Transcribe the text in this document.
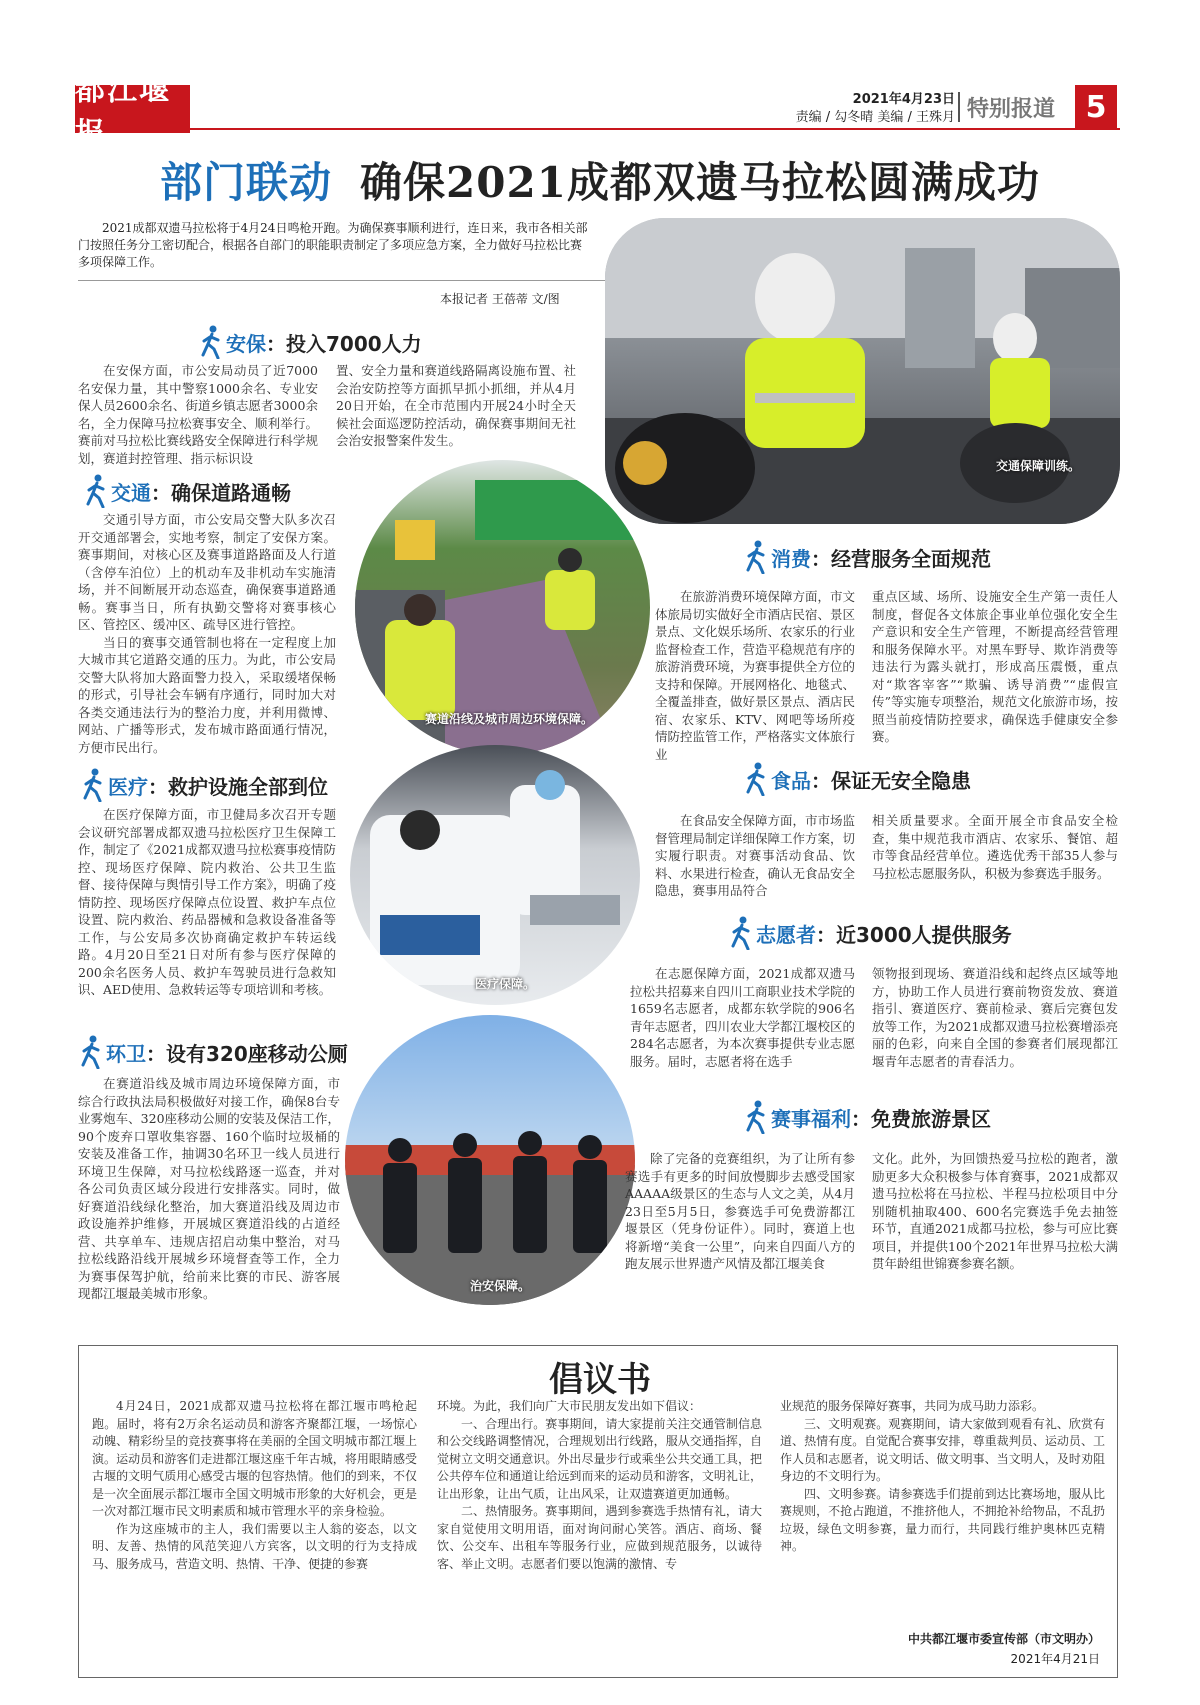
都江堰报
2021年4月23日
责编 / 勾冬晴 美编 / 王殊月 特别报道	5
部门联动 确保2021成都双遗马拉松圆满成功
2021成都双遗马拉松将于4月24日鸣枪开跑。为确保赛事顺利进行，连日来，我市各相关部门按照任务分工密切配合，根据各自部门的职能职责制定了多项应急方案，全力做好马拉松比赛多项保障工作。
本报记者 王蓓蒂 文/图
交通保障训练。
安保 ：投入7000人力

在安保方面，市公安局动员了近7000名安保力量，其中警察1000余名、专业安保人员2600余名、街道乡镇志愿者3000余名，全力保障马拉松赛事安全、顺利举行。赛前对马拉松比赛线路安全保障进行科学规划，赛道封控管理、指示标识设

置、安全力量和赛道线路隔离设施布置、社会治安防控等方面抓早抓小抓细，并从4月20日开始，在全市范围内开展24小时全天候社会面巡逻防控活动，确保赛事期间无社会治安报警案件发生。

交通 ：确保道路通畅

交通引导方面，市公安局交警大队多次召开交通部署会，实地考察，制定了安保方案。赛事期间，对核心区及赛事道路路面及人行道（含停车泊位）上的机动车及非机动车实施清场，并不间断展开动态巡查，确保赛事道路通畅。赛事当日，所有执勤交警将对赛事核心区、管控区、缓冲区、疏导区进行管控。

当日的赛事交通管制也将在一定程度上加大城市其它道路交通的压力。为此，市公安局交警大队将加大路面警力投入，采取缓堵保畅的形式，引导社会车辆有序通行，同时加大对各类交通违法行为的整治力度，并利用微博、网站、广播等形式，发布城市路面通行情况，方便市民出行。

赛道沿线及城市周边环境保障。
消费 ：经营服务全面规范

在旅游消费环境保障方面，市文体旅局切实做好全市酒店民宿、景区景点、文化娱乐场所、农家乐的行业监督检查工作，营造平稳规范有序的旅游消费环境，为赛事提供全方位的支持和保障。开展网格化、地毯式、全覆盖排查，做好景区景点、酒店民宿、农家乐、KTV、网吧等场所疫情防控监管工作，严格落实文体旅行业

重点区域、场所、设施安全生产第一责任人制度，督促各文体旅企事业单位强化安全生产意识和安全生产管理，不断提高经营管理和服务保障水平。对黑车野导、欺诈消费等违法行为露头就打，形成高压震慑，重点对“欺客宰客”“欺骗、诱导消费”“虚假宣传”等实施专项整治，规范文化旅游市场，按照当前疫情防控要求，确保选手健康安全参赛。

医疗 ：救护设施全部到位

在医疗保障方面，市卫健局多次召开专题会议研究部署成都双遗马拉松医疗卫生保障工作，制定了《2021成都双遗马拉松赛事疫情防控、现场医疗保障、院内救治、公共卫生监督、接待保障与舆情引导工作方案》，明确了疫情防控、现场医疗保障点位设置、救护车点位设置、院内救治、药品器械和急救设备准备等工作，与公安局多次协商确定救护车转运线路。4月20日至21日对所有参与医疗保障的200余名医务人员、救护车驾驶员进行急救知识、AED使用、急救转运等专项培训和考核。	医疗保障。
食品 ：保证无安全隐患

在食品安全保障方面，市市场监督管理局制定详细保障工作方案，切实履行职责。对赛事活动食品、饮料、水果进行检查，确认无食品安全隐患，赛事用品符合

相关质量要求。全面开展全市食品安全检查，集中规范我市酒店、农家乐、餐馆、超市等食品经营单位。遴选优秀干部35人参与马拉松志愿服务队，积极为参赛选手服务。

志愿者 ：近3000人提供服务

在志愿保障方面，2021成都双遗马拉松共招募来自四川工商职业技术学院的1659名志愿者，成都东软学院的906名青年志愿者，四川农业大学都江堰校区的284名志愿者，为本次赛事提供专业志愿服务。届时，志愿者将在选手

领物报到现场、赛道沿线和起终点区域等地方，协助工作人员进行赛前物资发放、赛道指引、赛道医疗、赛前检录、赛后完赛包发放等工作，为2021成都双遗马拉松赛增添亮丽的色彩，向来自全国的参赛者们展现都江堰青年志愿者的青春活力。

环卫 ：设有320座移动公厕

在赛道沿线及城市周边环境保障方面，市综合行政执法局积极做好对接工作，确保8台专业雾炮车、320座移动公厕的安装及保洁工作，90个废弃口罩收集容器、160个临时垃圾桶的安装及准备工作，抽调30名环卫一线人员进行环境卫生保障，对马拉松线路逐一巡查，并对各公司负责区域分段进行安排落实。同时，做好赛道沿线绿化整治，加大赛道沿线及周边市政设施养护维修，开展城区赛道沿线的占道经营、共享单车、违规店招启动集中整治，对马拉松线路沿线开展城乡环境督查等工作，全力为赛事保驾护航，给前来比赛的市民、游客展现都江堰最美城市形象。	治安保障。
赛事福利 ：免费旅游景区

除了完备的竞赛组织，为了让所有参赛选手有更多的时间放慢脚步去感受国家AAAAA级景区的生态与人文之美，从4月23日至5月5日，参赛选手可免费游都江堰景区（凭身份证件）。同时，赛道上也将新增“美食一公里”，向来自四面八方的跑友展示世界遗产风情及都江堰美食

文化。此外，为回馈热爱马拉松的跑者，激励更多大众积极参与体育赛事，2021成都双遗马拉松将在马拉松、半程马拉松项目中分别随机抽取400、600名完赛选手免去抽签环节，直通2021成都马拉松，参与可应比赛项目，并提供100个2021年世界马拉松大满贯年龄组世锦赛参赛名额。

倡议书

4月24日，2021成都双遗马拉松将在都江堰市鸣枪起跑。届时，将有2万余名运动员和游客齐聚都江堰，一场惊心动魄、精彩纷呈的竞技赛事将在美丽的全国文明城市都江堰上演。运动员和游客们走进都江堰这座千年古城，将用眼睛感受古堰的文明气质用心感受古堰的包容热情。他们的到来，不仅是一次全面展示都江堰市全国文明城市形象的大好机会，更是一次对都江堰市民文明素质和城市管理水平的亲身检验。

作为这座城市的主人，我们需要以主人翁的姿态，以文明、友善、热情的风范笑迎八方宾客，以文明的行为支持成马、服务成马，营造文明、热情、干净、便捷的参赛

环境。为此，我们向广大市民朋友发出如下倡议：

一、合理出行。赛事期间，请大家提前关注交通管制信息和公交线路调整情况，合理规划出行线路，服从交通指挥，自觉树立文明交通意识。外出尽量步行或乘坐公共交通工具，把公共停车位和通道让给远到而来的运动员和游客，文明礼让，让出形象，让出气质，让出风采，让双遗赛道更加通畅。

二、热情服务。赛事期间，遇到参赛选手热情有礼，请大家自觉使用文明用语，面对询问耐心笑答。酒店、商场、餐饮、公交车、出租车等服务行业，应做到规范服务，以诚待客、举止文明。志愿者们要以饱满的激情、专

业规范的服务保障好赛事，共同为成马助力添彩。

三、文明观赛。观赛期间，请大家做到观看有礼、欣赏有道、热情有度。自觉配合赛事安排，尊重裁判员、运动员、工作人员和志愿者，说文明话、做文明事、当文明人，及时劝阻身边的不文明行为。

四、文明参赛。请参赛选手们提前到达比赛场地，服从比赛规则，不抢占跑道，不推挤他人，不拥抢补给物品，不乱扔垃圾，绿色文明参赛，量力而行，共同践行维护奥林匹克精神。

中共都江堰市委宣传部（市文明办）
2021年4月21日
